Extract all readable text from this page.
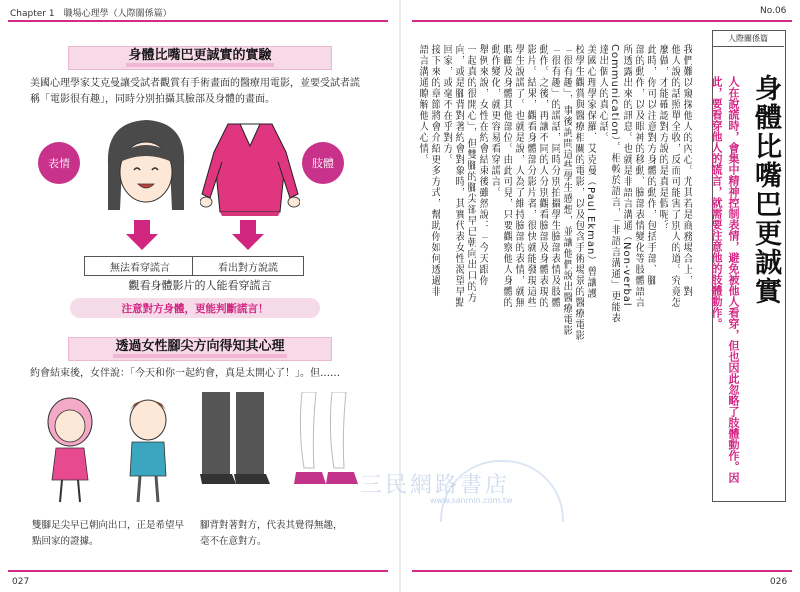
Chapter 1　職場心理學（人際關係篇）
身體比嘴巴更誠實的實驗
美國心理學家艾克曼讓受試者觀賞有手術畫面的醫療用電影，並要受試者謊稱「電影很有趣」，同時分別拍攝其臉部及身體的畫面。
表情	肢體
無法看穿謊言	看出對方說謊
觀看身體影片的人能看穿謊言
注意對方身體，更能判斷謊言！
透過女性腳尖方向得知其心理
約會結束後，女伴說：「今天和你一起約會，真是太開心了！」。但……
雙腳足尖早已朝向出口，正是希望早點回家的證據。
腳背對著對方，代表其覺得無趣，毫不在意對方。
027
No.06
人際關係篇
身體比嘴巴更誠實
人在說謊時，會集中精神控制表情，避免被他人看穿，但也因此忽略了肢體動作。因此，要看穿他人的謊言，就需要注意他的肢體動作。
我們難以窺探他人的內心。尤其若是商務場合上，對
他人說的話照單全收，反而可能害了別人的道。究竟怎
麼做，才能確認對方說的是真是假呢？
此時，你可以注意對方身體的動作，包括手部、腳
部的動作，以及眼神的移動、臉部表情變化等肢體語言
所透露出來的訊息。也就是非語言溝通（Non-verbal
Communication）。相較於語言，「非語言溝通」更能表
達出個人的真心話。
美國心理學家保羅．艾克曼（Paul Ekman）曾讓護
校學生觀賞與醫療相關的電影，以及包含手術場景的醫療電影
「很有趣」，事後詢問這些學生感想，並讓他們說出醫療電影
「很有趣」的謊話，同時分別拍攝學生臉部表情及肢體
動作。之後，再讓不同的人分別觀看臉部及身體表現的
影片。結果，觀看身體部分影片者，很快就能發現這些
學生說謊了。也就是說，人為了維持臉部的表情，就無
暇顧及身體其他部位。由此可見，只要觀察他人身體的
動作變化，就更容易看穿謊言。
舉例來說，女性在約會結束後雖然說：「今天跟你
一起真的很開心」，但雙腳的腳尖卻早已朝向出口的方
向，或是腳背對著約會對象時，其實代表女性渴望早點
回家，或毫不在乎對方。
接下來的章節將會介紹更多方式，幫助你如何透過非
語言溝通瞭解他人心情。
三民網路書店
www.sanmin.com.tw
026
